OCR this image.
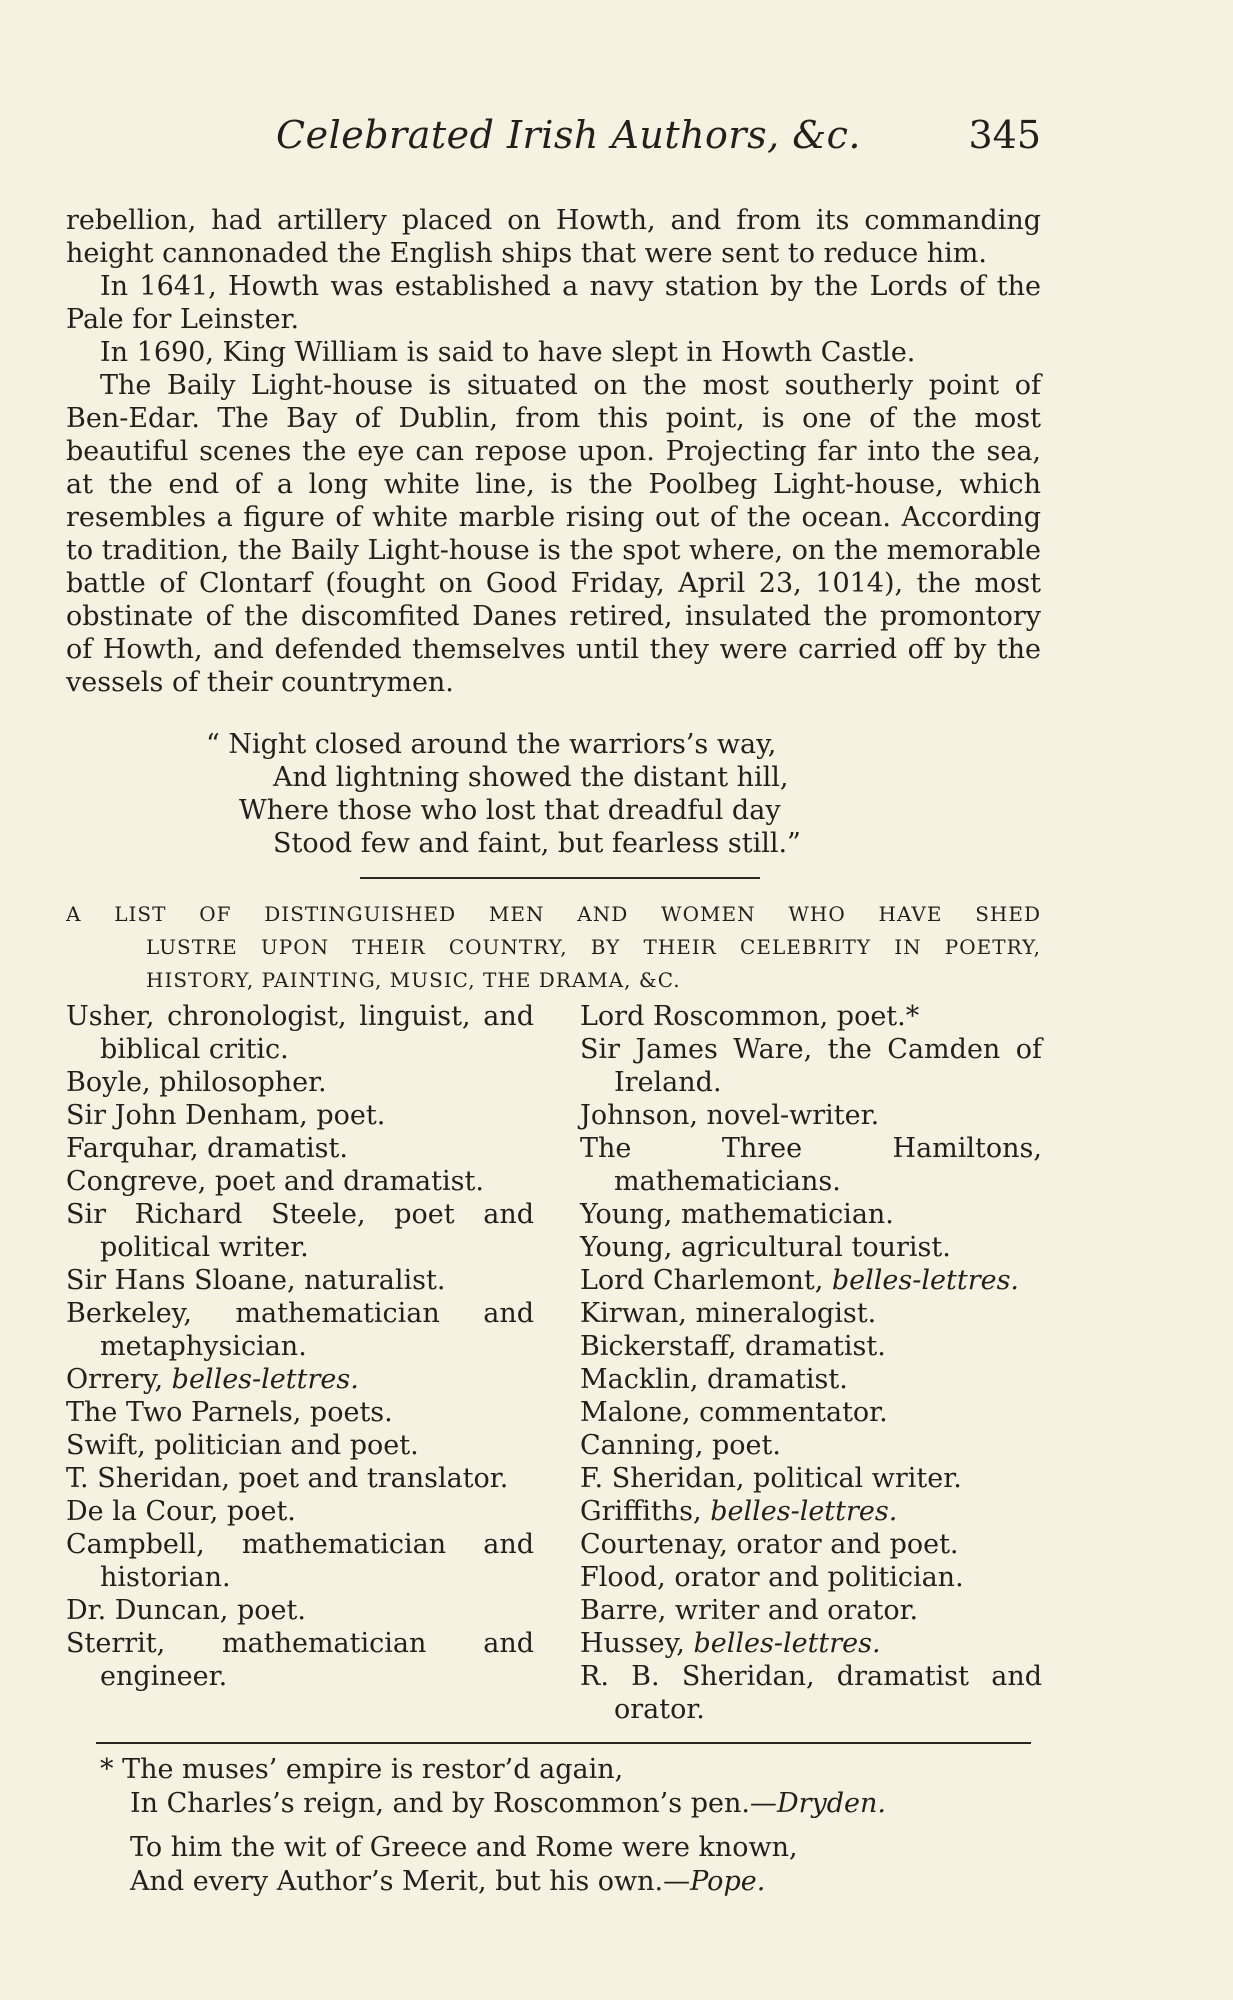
Celebrated Irish Authors, &c.	345

rebellion, had artillery placed on Howth, and from its commanding height cannonaded the English ships that were sent to reduce him.

In 1641, Howth was established a navy station by the Lords of the Pale for Leinster.

In 1690, King William is said to have slept in Howth Castle.

The Baily Light-house is situated on the most southerly point of Ben-Edar. The Bay of Dublin, from this point, is one of the most beautiful scenes the eye can repose upon. Projecting far into the sea, at the end of a long white line, is the Poolbeg Light-house, which resembles a figure of white marble rising out of the ocean. According to tradition, the Baily Light-house is the spot where, on the memorable battle of Clontarf (fought on Good Friday, April 23, 1014), the most obstinate of the discomfited Danes retired, insulated the promontory of Howth, and defended themselves until they were carried off by the vessels of their countrymen.

“ Night closed around the warriors’s way,
And lightning showed the distant hill,
Where those who lost that dreadful day
Stood few and faint, but fearless still.”
A LIST OF DISTINGUISHED MEN AND WOMEN WHO HAVE SHED
LUSTRE UPON THEIR COUNTRY, BY THEIR CELEBRITY IN POETRY,
HISTORY, PAINTING, MUSIC, THE DRAMA, &C.

Usher, chronologist, linguist, and biblical critic.

Boyle, philosopher.

Sir John Denham, poet.

Farquhar, dramatist.

Congreve, poet and dramatist.

Sir Richard Steele, poet and political writer.

Sir Hans Sloane, naturalist.

Berkeley, mathematician and metaphysician.

Orrery, belles-lettres.

The Two Parnels, poets.

Swift, politician and poet.

T. Sheridan, poet and translator.

De la Cour, poet.

Campbell, mathematician and historian.

Dr. Duncan, poet.

Sterrit, mathematician and engineer.

Lord Roscommon, poet.*

Sir James Ware, the Camden of Ireland.

Johnson, novel-writer.

The Three Hamiltons, mathematicians.

Young, mathematician.

Young, agricultural tourist.

Lord Charlemont, belles-lettres.

Kirwan, mineralogist.

Bickerstaff, dramatist.

Macklin, dramatist.

Malone, commentator.

Canning, poet.

F. Sheridan, political writer.

Griffiths, belles-lettres.

Courtenay, orator and poet.

Flood, orator and politician.

Barre, writer and orator.

Hussey, belles-lettres.

R. B. Sheridan, dramatist and orator.

* The muses’ empire is restor’d again,
In Charles’s reign, and by Roscommon’s pen.—Dryden.
To him the wit of Greece and Rome were known,
And every Author’s Merit, but his own.—Pope.
